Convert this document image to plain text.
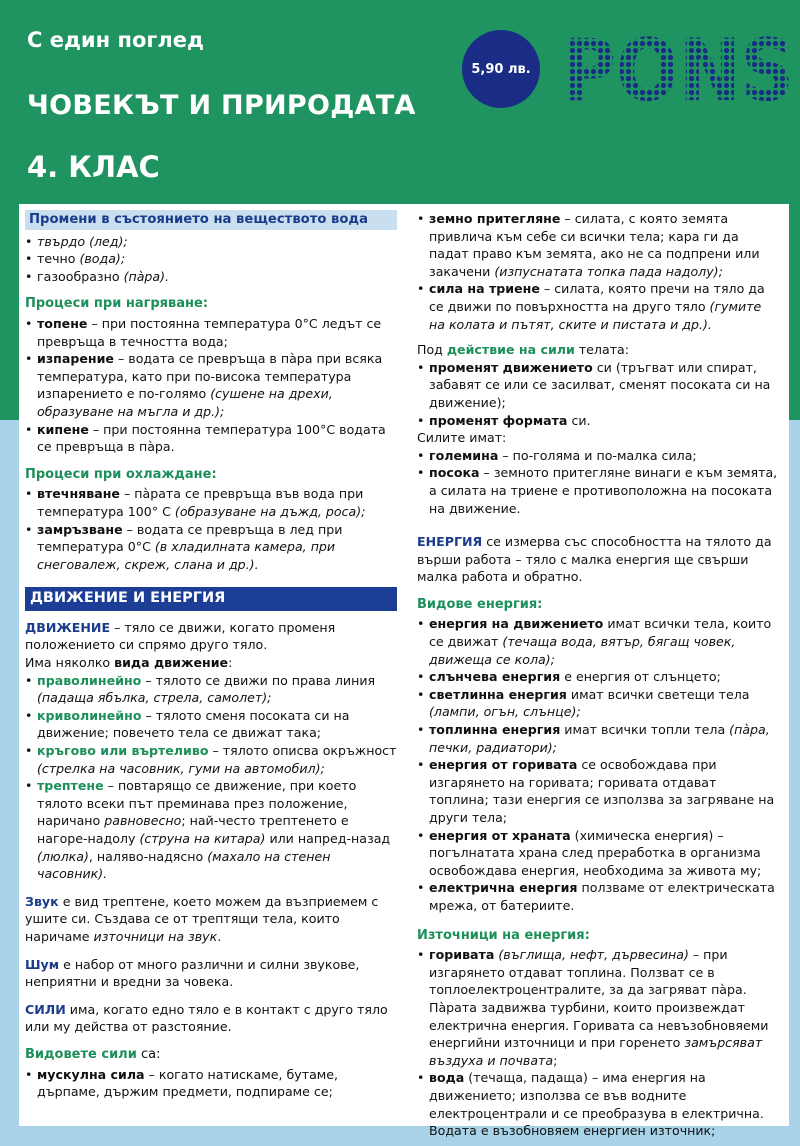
С един поглед
ЧОВЕКЪТ И ПРИРОДАТА
4. КЛАС
5,90 лв. PONS
Промени в състоянието на веществото вода
• твърдо (лед);
• течно (вода);
• газообразно (пàра).
Процеси при нагряване:
• топене – при постоянна температура 0°С ледът се превръща в течността вода;
• изпарение – водата се превръща в пàра при всяка температура, като при по-висока температура изпарението е по-голямо (сушене на дрехи, образуване на мъгла и др.);
• кипене – при постоянна температура 100°С водата се превръща в пàра.
Процеси при охлаждане:
• втечняване – пàрата се превръща във вода при температура 100° С (образуване на дъжд, роса);
• замръзване – водата се превръща в лед при температура 0°С (в хладилната камера, при снеговалеж, скреж, слана и др.).
ДВИЖЕНИЕ И ЕНЕРГИЯ
ДВИЖЕНИЕ – тяло се движи, когато променя положението си спрямо друго тяло.
Има няколко вида движение:
• праволинейно – тялото се движи по права линия (падаща ябълка, стрела, самолет);
• криволинейно – тялото сменя посоката си на движение; повечето тела се движат така;
• кръгово или въртеливо – тялото описва окръжност (стрелка на часовник, гуми на автомобил);
• трептене – повтарящо се движение, при което тялото всеки път преминава през положение, наричано равновесно; най-често трептенето е нагоре-надолу (струна на китара) или напред-назад (люлка), наляво-надясно (махало на стенен часовник).
Звук е вид трептене, което можем да възприемем с ушите си. Създава се от трептящи тела, които наричаме източници на звук.
Шум е набор от много различни и силни звукове, неприятни и вредни за човека.
СИЛИ има, когато едно тяло е в контакт с друго тяло или му действа от разстояние.
Видовете сили са:
• мускулна сила – когато натискаме, бутаме, дърпаме, държим предмети, подпираме се;
• земно притегляне – силата, с която земята привлича към себе си всички тела; кара ги да падат право към земята, ако не са подпрени или закачени (изпуснатата топка пада надолу);
• сила на триене – силата, която пречи на тяло да се движи по повърхността на друго тяло (гумите на колата и пътят, ските и пистата и др.).
Под действие на сили телата:
• променят движението си (тръгват или спират, забавят се или се засилват, сменят посоката си на движение);
• променят формата си.
Силите имат:
• големина – по-голяма и по-малка сила;
• посока – земното притегляне винаги е към земята, а силата на триене е противоположна на посоката на движение.
ЕНЕРГИЯ се измерва със способността на тялото да върши работа – тяло с малка енергия ще свърши малка работа и обратно.
Видове енергия:
• енергия на движението имат всички тела, които се движат (течаща вода, вятър, бягащ човек, движеща се кола);
• слънчева енергия е енергия от слънцето;
• светлинна енергия имат всички светещи тела (лампи, огън, слънце);
• топлинна енергия имат всички топли тела (пàра, печки, радиатори);
• енергия от горивата се освобождава при изгарянето на горивата; горивата отдават топлина; тази енергия се използва за загряване на други тела;
• енергия от храната (химическа енергия) – погълнатата храна след преработка в организма освобождава енергия, необходима за живота му;
• електрична енергия ползваме от електрическата мрежа, от батериите.
Източници на енергия:
• горивата (въглища, нефт, дървесина) – при изгарянето отдават топлина. Ползват се в топлоелектроцентралите, за да загряват пàра. Пàрата задвижва турбини, които произвеждат електрична енергия. Горивата са невъзобновяеми енергийни източници и при горенето замърсяват въздуха и почвата;
• вода (течаща, падаща) – има енергия на движението; използва се във водните електроцентрали и се преобразува в електрична. Водата е възобновяем енергиен източник;
